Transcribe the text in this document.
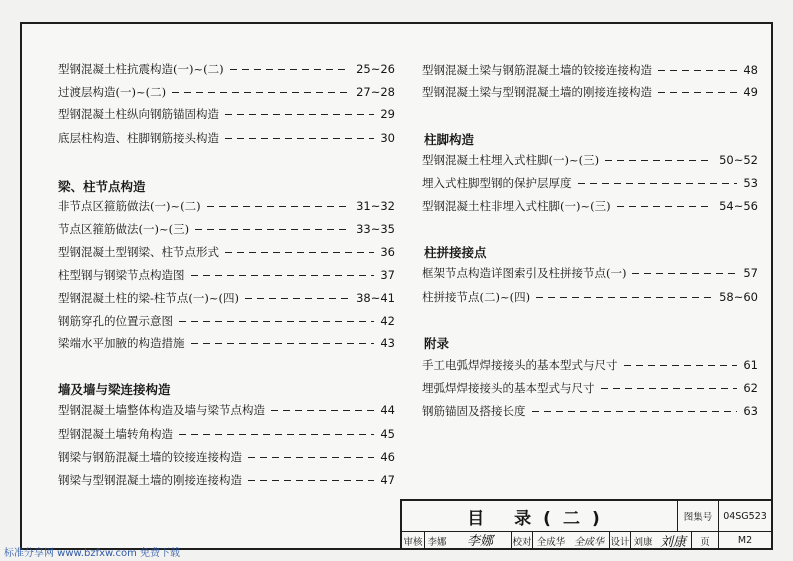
型钢混凝土柱抗震构造(一)~(二)	25~26
过渡层构造(一)~(二)	27~28
型钢混凝土柱纵向钢筋锚固构造	29
底层柱构造、柱脚钢筋接头构造	30
非节点区箍筋做法(一)~(二)	31~32
节点区箍筋做法(一)~(三)	33~35
型钢混凝土型钢梁、柱节点形式	36
柱型钢与钢梁节点构造图	37
型钢混凝土柱的梁-柱节点(一)~(四)	38~41
钢筋穿孔的位置示意图	42
梁端水平加腋的构造措施	43
型钢混凝土墙整体构造及墙与梁节点构造	44
型钢混凝土墙转角构造	45
钢梁与钢筋混凝土墙的铰接连接构造	46
钢梁与型钢混凝土墙的刚接连接构造	47
型钢混凝土梁与钢筋混凝土墙的铰接连接构造	48
型钢混凝土梁与型钢混凝土墙的刚接连接构造	49
型钢混凝土柱埋入式柱脚(一)~(三)	50~52
埋入式柱脚型钢的保护层厚度	53
型钢混凝土柱非埋入式柱脚(一)~(三)	54~56
框架节点构造详图索引及柱拼接节点(一)	57
柱拼接节点(二)~(四)	58~60
手工电弧焊焊接接头的基本型式与尺寸	61
埋弧焊焊接接头的基本型式与尺寸	62
钢筋锚固及搭接长度	63
梁、柱节点构造
墙及墙与梁连接构造
柱脚构造
柱拼接接点
附录
目 录(二)	图集号	04SG523
审核 李娜	李娜	校对 全成华 全成华 设计 刘康 刘康	页	M2
标准分享网 www.bzfxw.com 免费下载
